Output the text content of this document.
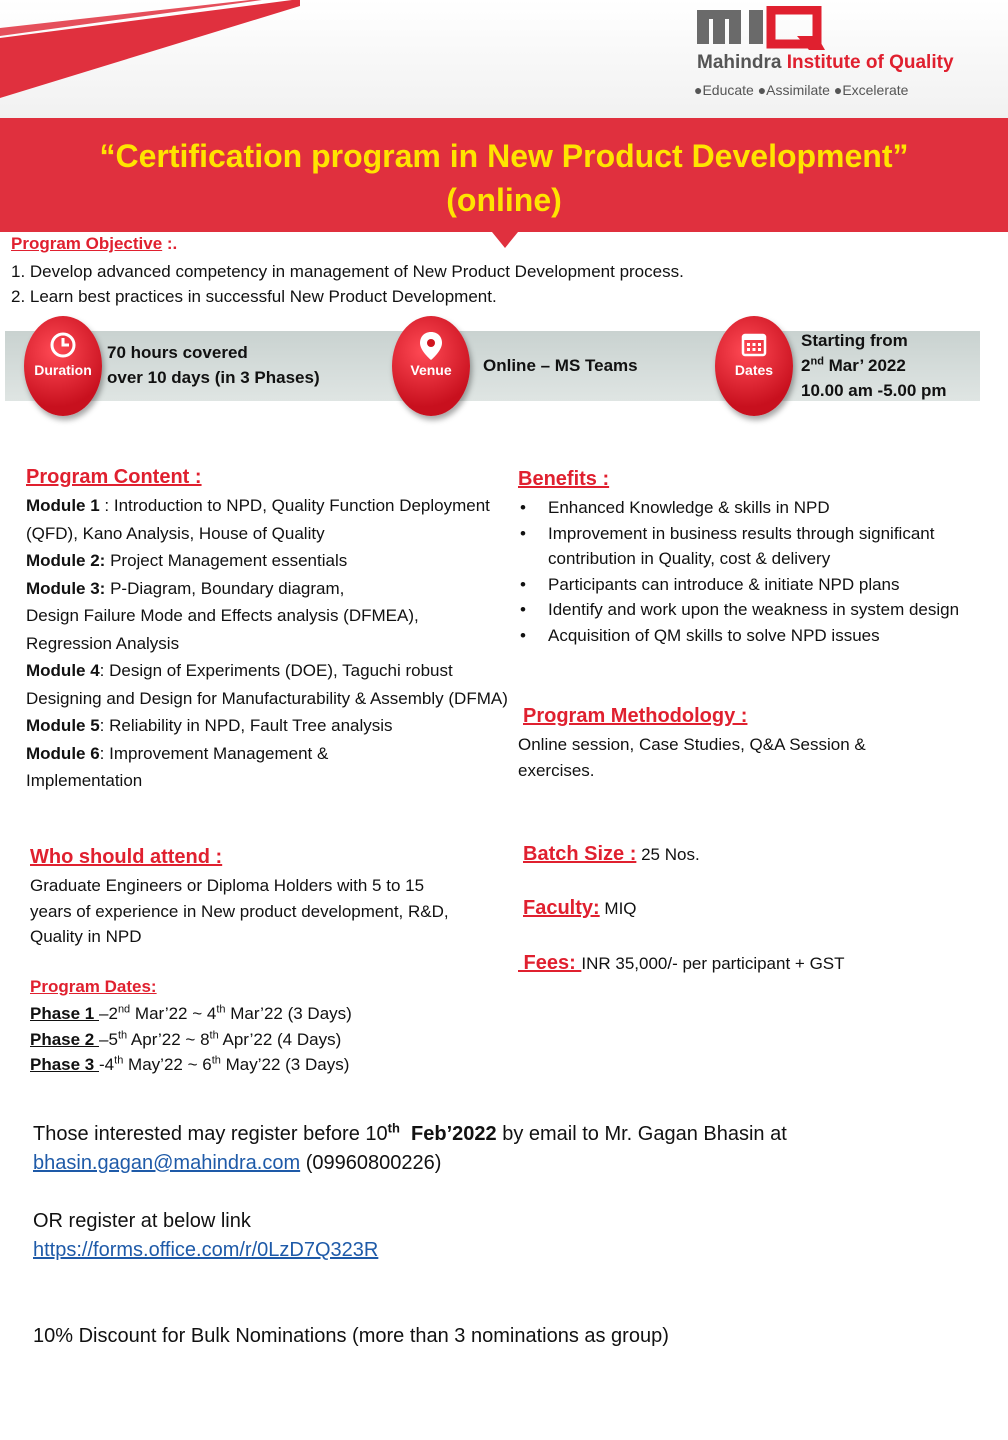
Mahindra Institute of Quality
●Educate ●Assimilate ●Excelerate
“Certification program in New Product Development”
(online)
Program Objective :.
1. Develop advanced competency in management of New Product Development process.
2. Learn best practices in successful New Product Development.
Duration
70 hours covered
over 10 days (in 3 Phases)	Venue	Online – MS Teams	Dates
Starting from
2nd Mar’ 2022
10.00 am -5.00 pm
Program Content :
Module 1 : Introduction to NPD, Quality Function Deployment (QFD), Kano Analysis, House of Quality
Module 2: Project Management essentials
Module 3: P-Diagram, Boundary diagram,
Design Failure Mode and Effects analysis (DFMEA), Regression Analysis
Module 4: Design of Experiments (DOE), Taguchi robust Designing and Design for Manufacturability & Assembly (DFMA)
Module 5: Reliability in NPD, Fault Tree analysis
Module 6: Improvement Management & Implementation
Who should attend :
Graduate Engineers or Diploma Holders with 5 to 15 years of experience in New product development, R&D, Quality in NPD
Program Dates:
Phase 1 –2nd Mar’22 ~ 4th Mar’22 (3 Days)
Phase 2 –5th Apr’22 ~ 8th Apr’22 (4 Days)
Phase 3 -4th May’22 ~ 6th May’22 (3 Days)
Benefits :
• Enhanced Knowledge & skills in NPD
• Improvement in business results through significant contribution in Quality, cost & delivery
• Participants can introduce & initiate NPD plans
• Identify and work upon the weakness in system design
• Acquisition of QM skills to solve NPD issues
Program Methodology :
Online session, Case Studies, Q&A Session & exercises.
Batch Size : 25 Nos.
Faculty: MIQ
Fees: INR 35,000/- per participant + GST
Those interested may register before 10th  Feb’2022 by email to Mr. Gagan Bhasin at
bhasin.gagan@mahindra.com (09960800226)
OR register at below link
https://forms.office.com/r/0LzD7Q323R
10% Discount for Bulk Nominations (more than 3 nominations as group)
